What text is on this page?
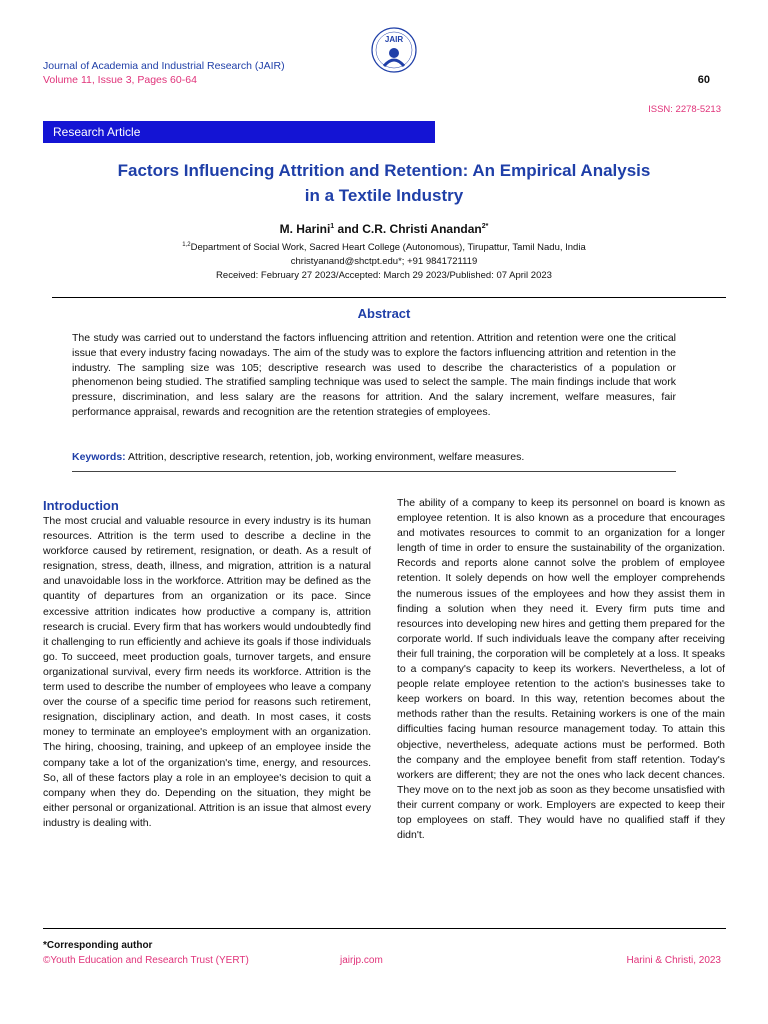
Journal of Academia and Industrial Research (JAIR)
Volume 11, Issue 3, Pages 60-64
JAIR
60
ISSN: 2278-5213
Research Article
Factors Influencing Attrition and Retention: An Empirical Analysis
in a Textile Industry
M. Harini$^1$ and C.R. Christi Anandan$^{2*}$
$^{1,2}$Department of Social Work, Sacred Heart College (Autonomous), Tirupattur, Tamil Nadu, India
christyanand@shctpt.edu*; +91 9841721119
Received: February 27 2023/Accepted: March 29 2023/Published: 07 April 2023
Abstract
The study was carried out to understand the factors influencing attrition and retention. Attrition and retention were one the critical issue that every industry facing nowadays. The aim of the study was to explore the factors influencing attrition and retention in the industry. The sampling size was 105; descriptive research was used to describe the characteristics of a population or phenomenon being studied. The stratified sampling technique was used to select the sample. The main findings include that work pressure, discrimination, and less salary are the reasons for attrition. And the salary increment, welfare measures, fair performance appraisal, rewards and recognition are the retention strategies of employees.
Keywords: Attrition, descriptive research, retention, job, working environment, welfare measures.
Introduction
The most crucial and valuable resource in every industry is its human resources. Attrition is the term used to describe a decline in the workforce caused by retirement, resignation, or death. As a result of resignation, stress, death, illness, and migration, attrition is a natural and unavoidable loss in the workforce. Attrition may be defined as the quantity of departures from an organization or its pace. Since excessive attrition indicates how productive a company is, attrition research is crucial. Every firm that has workers would undoubtedly find it challenging to run efficiently and achieve its goals if those individuals go. To succeed, meet production goals, turnover targets, and ensure organizational survival, every firm needs its workforce. Attrition is the term used to describe the number of employees who leave a company over the course of a specific time period for reasons such retirement, resignation, disciplinary action, and death. In most cases, it costs money to terminate an employee's employment with an organization. The hiring, choosing, training, and upkeep of an employee inside the company take a lot of the organization's time, energy, and resources. So, all of these factors play a role in an employee's decision to quit a company when they do. Depending on the situation, they might be either personal or organizational. Attrition is an issue that almost every industry is dealing with.
The ability of a company to keep its personnel on board is known as employee retention. It is also known as a procedure that encourages and motivates resources to commit to an organization for a longer length of time in order to ensure the sustainability of the organization. Records and reports alone cannot solve the problem of employee retention. It solely depends on how well the employer comprehends the numerous issues of the employees and how they assist them in finding a solution when they need it. Every firm puts time and resources into developing new hires and getting them prepared for the corporate world. If such individuals leave the company after receiving their full training, the corporation will be completely at a loss. It speaks to a company's capacity to keep its workers. Nevertheless, a lot of people relate employee retention to the action's businesses take to keep workers on board. In this way, retention becomes about the methods rather than the results. Retaining workers is one of the main difficulties facing human resource management today. To attain this objective, nevertheless, adequate actions must be performed. Both the company and the employee benefit from staff retention. Today's workers are different; they are not the ones who lack decent chances. They move on to the next job as soon as they become unsatisfied with their current company or work. Employers are expected to keep their top employees on staff. They would have no qualified staff if they didn't.
*Corresponding author
©Youth Education and Research Trust (YERT)	jairjp.com	Harini & Christi, 2023
